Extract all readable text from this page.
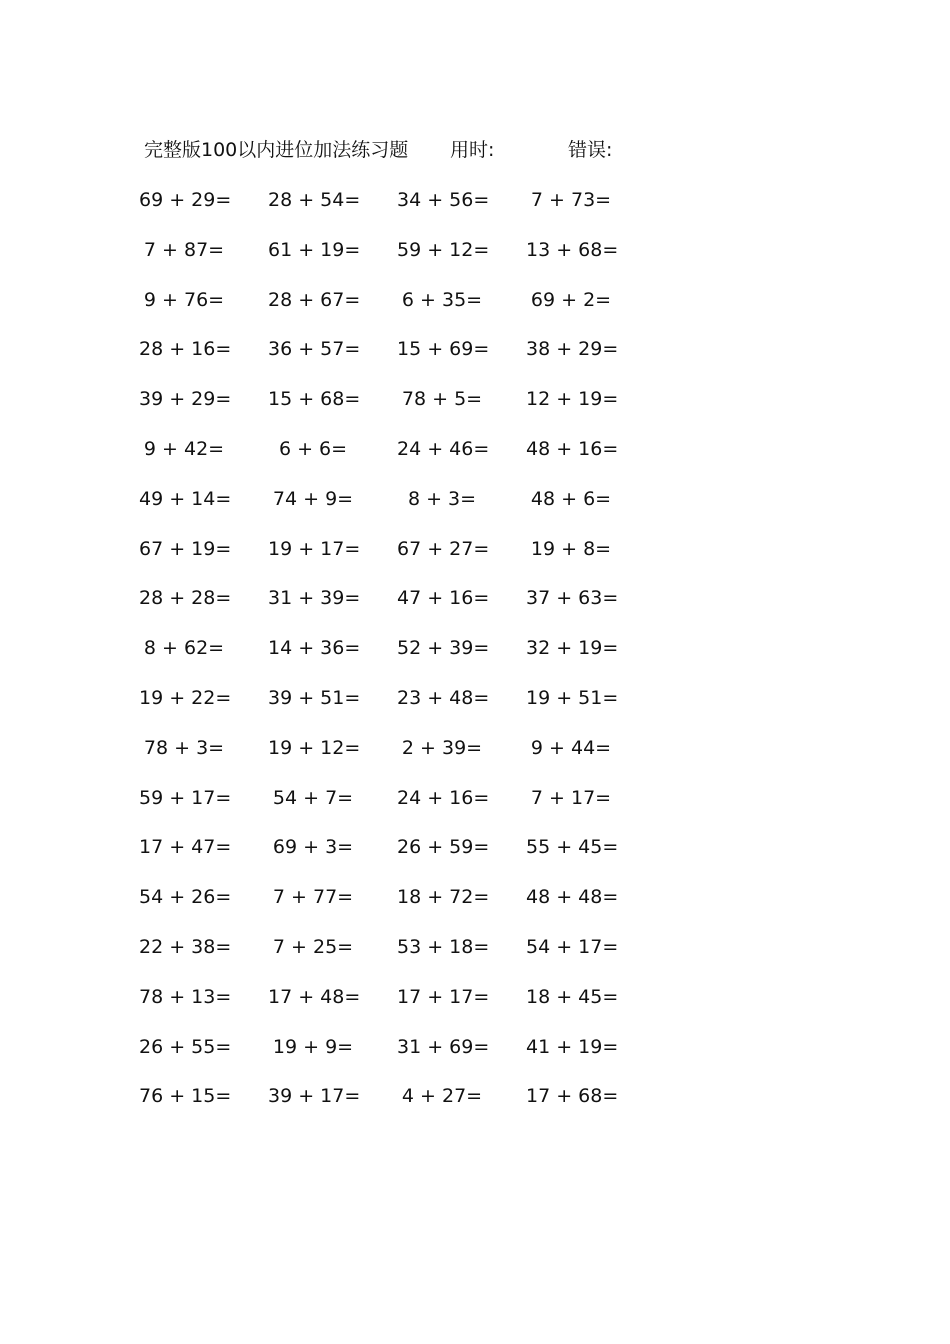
完整版100以内进位加法练习题 用时:	错误:
69 + 29= 28 + 54= 34 + 56= 7 + 73=
7 + 87= 61 + 19= 59 + 12= 13 + 68=
9 + 76= 28 + 67= 6 + 35=	69 + 2=
28 + 16= 36 + 57= 15 + 69= 38 + 29=
39 + 29= 15 + 68= 78 + 5= 12 + 19=
9 + 42=	6 + 6=	24 + 46= 48 + 16=
49 + 14= 74 + 9=	8 + 3=	48 + 6=
67 + 19= 19 + 17= 67 + 27= 19 + 8=
28 + 28= 31 + 39= 47 + 16= 37 + 63=
8 + 62= 14 + 36= 52 + 39= 32 + 19=
19 + 22= 39 + 51= 23 + 48= 19 + 51=
78 + 3= 19 + 12= 2 + 39=	9 + 44=
59 + 17= 54 + 7= 24 + 16= 7 + 17=
17 + 47= 69 + 3= 26 + 59= 55 + 45=
54 + 26= 7 + 77= 18 + 72= 48 + 48=
22 + 38= 7 + 25= 53 + 18= 54 + 17=
78 + 13= 17 + 48= 17 + 17= 18 + 45=
26 + 55= 19 + 9= 31 + 69= 41 + 19=
76 + 15= 39 + 17= 4 + 27= 17 + 68=
